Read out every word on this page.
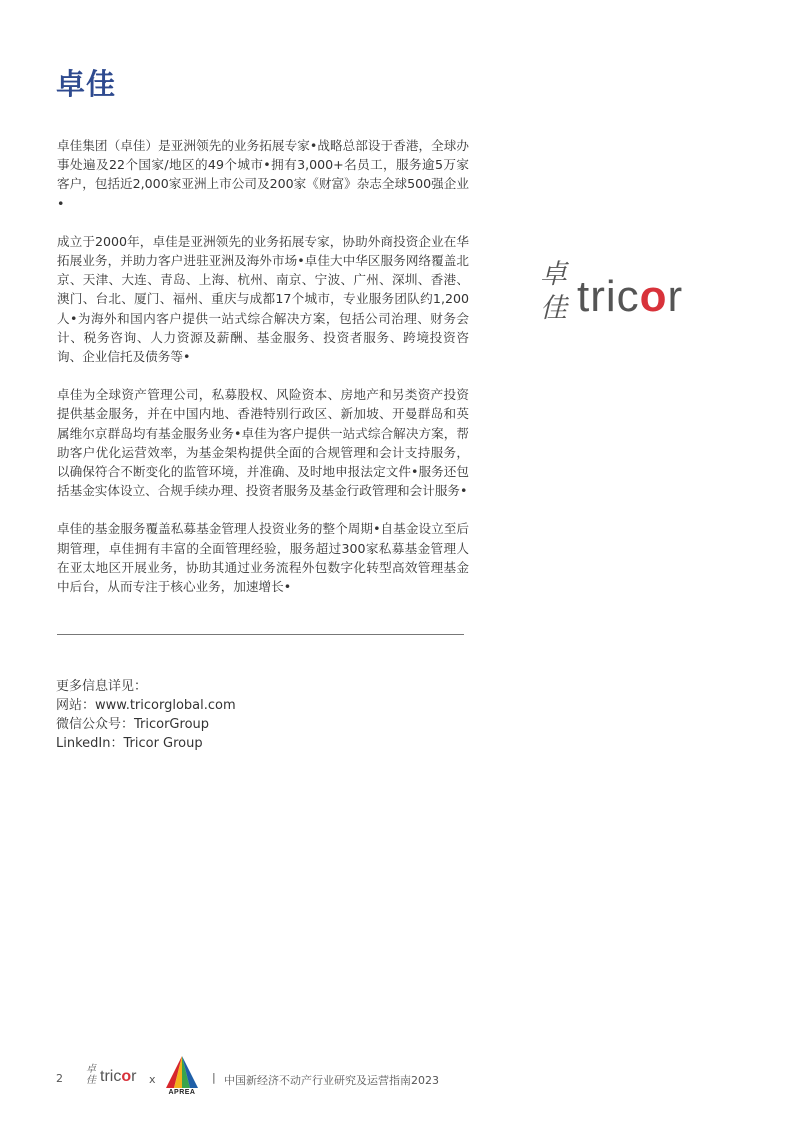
卓佳

卓佳集团（卓佳）是亚洲领先的业务拓展专家•战略总部设于香港，全球办事处遍及22个国家/地区的49个城市•拥有3,000+名员工，服务逾5万家客户，包括近2,000家亚洲上市公司及200家《财富》杂志全球500强企业•

成立于2000年，卓佳是亚洲领先的业务拓展专家，协助外商投资企业在华拓展业务，并助力客户进驻亚洲及海外市场•卓佳大中华区服务网络覆盖北京、天津、大连、青岛、上海、杭州、南京、宁波、广州、深圳、香港、澳门、台北、厦门、福州、重庆与成都17个城市，专业服务团队约1,200人•为海外和国内客户提供一站式综合解决方案，包括公司治理、财务会计、税务咨询、人力资源及薪酬、基金服务、投资者服务、跨境投资咨询、企业信托及债务等•

卓佳为全球资产管理公司，私募股权、风险资本、房地产和另类资产投资提供基金服务，并在中国内地、香港特别行政区、新加坡、开曼群岛和英属维尔京群岛均有基金服务业务•卓佳为客户提供一站式综合解决方案，帮助客户优化运营效率，为基金架构提供全面的合规管理和会计支持服务，以确保符合不断变化的监管环境，并准确、及时地申报法定文件•服务还包括基金实体设立、合规手续办理、投资者服务及基金行政管理和会计服务•

卓佳的基金服务覆盖私募基金管理人投资业务的整个周期•自基金设立至后期管理，卓佳拥有丰富的全面管理经验，服务超过300家私募基金管理人在亚太地区开展业务，协助其通过业务流程外包数字化转型高效管理基金中后台，从而专注于核心业务，加速增长•

更多信息详见：
网站：www.tricorglobal.com
微信公众号：TricorGroup
LinkedIn：Tricor Group
卓佳 tricor
2
卓佳 tricor x
APREA
| 中国新经济不动产行业研究及运营指南2023
